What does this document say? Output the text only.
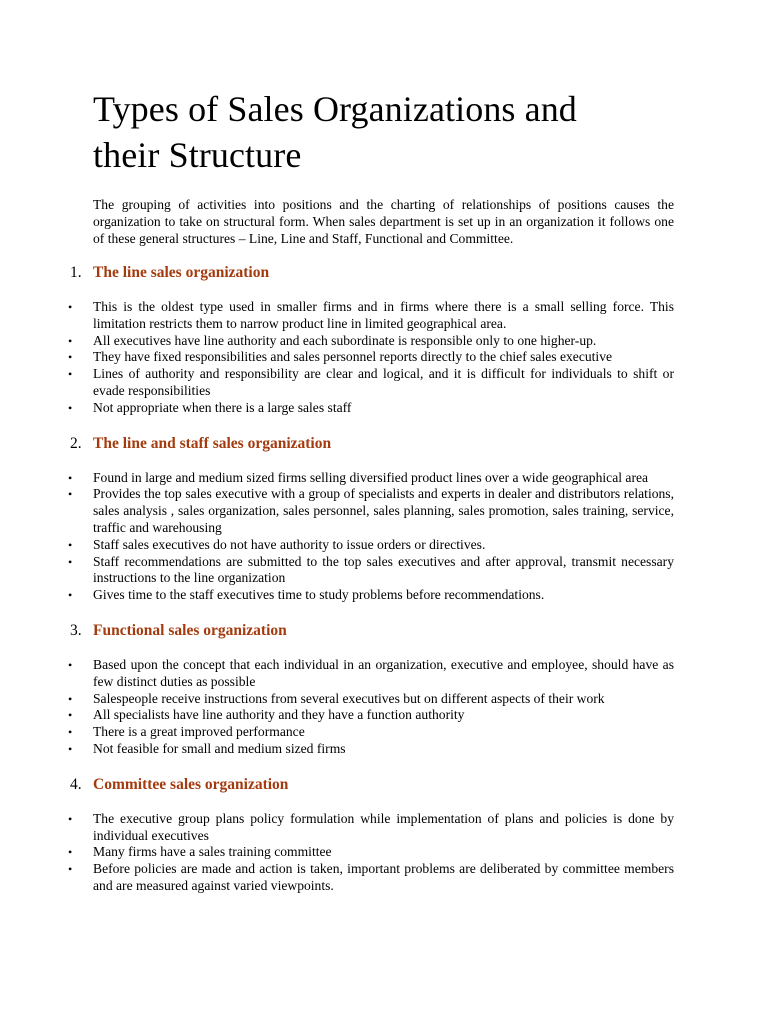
Types of Sales Organizations and
their Structure

The grouping of activities into positions and the charting of relationships of positions causes the organization to take on structural form. When sales department is set up in an organization it follows one of these general structures – Line, Line and Staff, Functional and Committee.

1. The line sales organization
• This is the oldest type used in smaller firms and in firms where there is a small selling force. This limitation restricts them to narrow product line in limited geographical area.
• All executives have line authority and each subordinate is responsible only to one higher-up.
• They have fixed responsibilities and sales personnel reports directly to the chief sales executive
• Lines of authority and responsibility are clear and logical, and it is difficult for individuals to shift or evade responsibilities
• Not appropriate when there is a large sales staff
2. The line and staff sales organization
• Found in large and medium sized firms selling diversified product lines over a wide geographical area
• Provides the top sales executive with a group of specialists and experts in dealer and distributors relations, sales analysis , sales organization, sales personnel, sales planning, sales promotion, sales training, service, traffic and warehousing
• Staff sales executives do not have authority to issue orders or directives.
• Staff recommendations are submitted to the top sales executives and after approval, transmit necessary instructions to the line organization
• Gives time to the staff executives time to study problems before recommendations.
3. Functional sales organization
• Based upon the concept that each individual in an organization, executive and employee, should have as few distinct duties as possible
• Salespeople receive instructions from several executives but on different aspects of their work
• All specialists have line authority and they have a function authority
• There is a great improved performance
• Not feasible for small and medium sized firms
4. Committee sales organization
• The executive group plans policy formulation while implementation of plans and policies is done by individual executives
• Many firms have a sales training committee
• Before policies are made and action is taken, important problems are deliberated by committee members and are measured against varied viewpoints.
